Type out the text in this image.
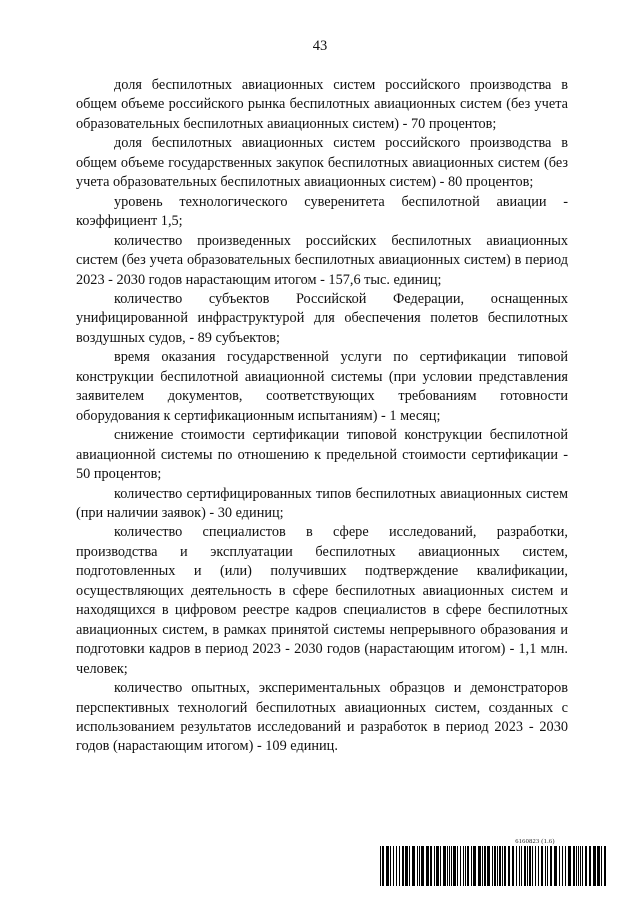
43

доля беспилотных авиационных систем российского производства в общем объеме российского рынка беспилотных авиационных систем (без учета образовательных беспилотных авиационных систем) - 70 процентов;

доля беспилотных авиационных систем российского производства в общем объеме государственных закупок беспилотных авиационных систем (без учета образовательных беспилотных авиационных систем) - 80 процентов;

уровень технологического суверенитета беспилотной авиации - коэффициент 1,5;

количество произведенных российских беспилотных авиационных систем (без учета образовательных беспилотных авиационных систем) в период 2023 - 2030 годов нарастающим итогом - 157,6 тыс. единиц;

количество субъектов Российской Федерации, оснащенных унифицированной инфраструктурой для обеспечения полетов беспилотных воздушных судов, - 89 субъектов;

время оказания государственной услуги по сертификации типовой конструкции беспилотной авиационной системы (при условии представления заявителем документов, соответствующих требованиям готовности оборудования к сертификационным испытаниям) - 1 месяц;

снижение стоимости сертификации типовой конструкции беспилотной авиационной системы по отношению к предельной стоимости сертификации - 50 процентов;

количество сертифицированных типов беспилотных авиационных систем (при наличии заявок) - 30 единиц;

количество специалистов в сфере исследований, разработки, производства и эксплуатации беспилотных авиационных систем, подготовленных и (или) получивших подтверждение квалификации, осуществляющих деятельность в сфере беспилотных авиационных систем и находящихся в цифровом реестре кадров специалистов в сфере беспилотных авиационных систем, в рамках принятой системы непрерывного образования и подготовки кадров в период 2023 - 2030 годов (нарастающим итогом) - 1,1 млн. человек;

количество опытных, экспериментальных образцов и демонстраторов перспективных технологий беспилотных авиационных систем, созданных с использованием результатов исследований и разработок в период 2023 - 2030 годов (нарастающим итогом) - 109 единиц.

6160823 (1.6)
